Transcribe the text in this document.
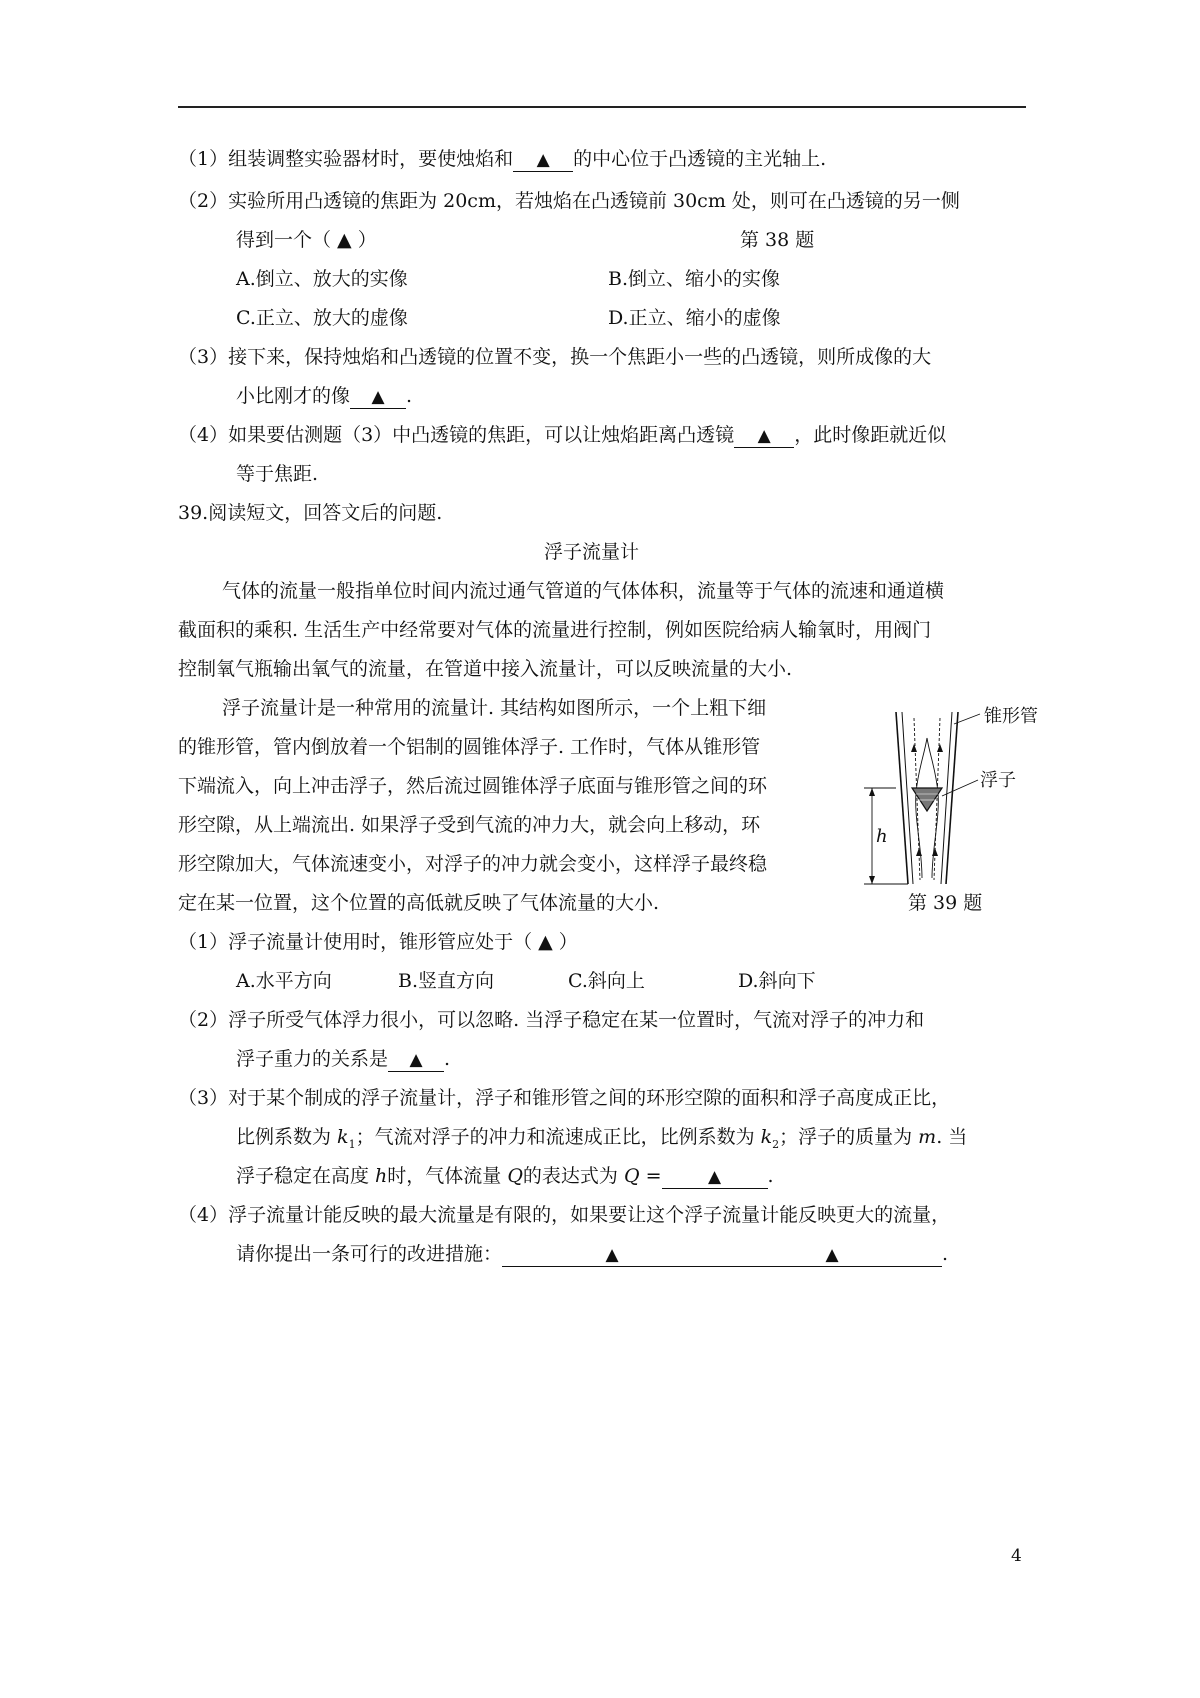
（1）组装调整实验器材时，要使烛焰和 ▲ 的中心位于凸透镜的主光轴上.
（2）实验所用凸透镜的焦距为 20cm，若烛焰在凸透镜前 30cm 处，则可在凸透镜的另一侧
得到一个（ ▲ ）	第 38 题
A.倒立、放大的实像	B.倒立、缩小的实像
C.正立、放大的虚像	D.正立、缩小的虚像
（3）接下来，保持烛焰和凸透镜的位置不变，换一个焦距小一些的凸透镜，则所成像的大
小比刚才的像 ▲ .
（4）如果要估测题（3）中凸透镜的焦距，可以让烛焰距离凸透镜 ▲ ，此时像距就近似
等于焦距.
39.阅读短文，回答文后的问题.
浮子流量计
气体的流量一般指单位时间内流过通气管道的气体体积，流量等于气体的流速和通道横
截面积的乘积. 生活生产中经常要对气体的流量进行控制，例如医院给病人输氧时，用阀门
控制氧气瓶输出氧气的流量，在管道中接入流量计，可以反映流量的大小.
浮子流量计是一种常用的流量计. 其结构如图所示，一个上粗下细
的锥形管，管内倒放着一个铝制的圆锥体浮子. 工作时，气体从锥形管
下端流入，向上冲击浮子，然后流过圆锥体浮子底面与锥形管之间的环
形空隙，从上端流出. 如果浮子受到气流的冲力大，就会向上移动，环
形空隙加大，气体流速变小，对浮子的冲力就会变小，这样浮子最终稳
定在某一位置，这个位置的高低就反映了气体流量的大小.
锥形管
浮子
h
第 39 题
（1）浮子流量计使用时，锥形管应处于（ ▲ ）
A.水平方向	B.竖直方向	C.斜向上	D.斜向下
（2）浮子所受气体浮力很小，可以忽略. 当浮子稳定在某一位置时，气流对浮子的冲力和
浮子重力的关系是 ▲ .
（3）对于某个制成的浮子流量计，浮子和锥形管之间的环形空隙的面积和浮子高度成正比，
比例系数为 $k_1$；气流对浮子的冲力和流速成正比，比例系数为 $k_2$；浮子的质量为 m. 当
浮子稳定在高度 h时，气体流量 Q的表达式为 Q =	▲ .
（4）浮子流量计能反映的最大流量是有限的，如果要让这个浮子流量计能反映更大的流量，
请你提出一条可行的改进措施：	▲	▲	.
4
